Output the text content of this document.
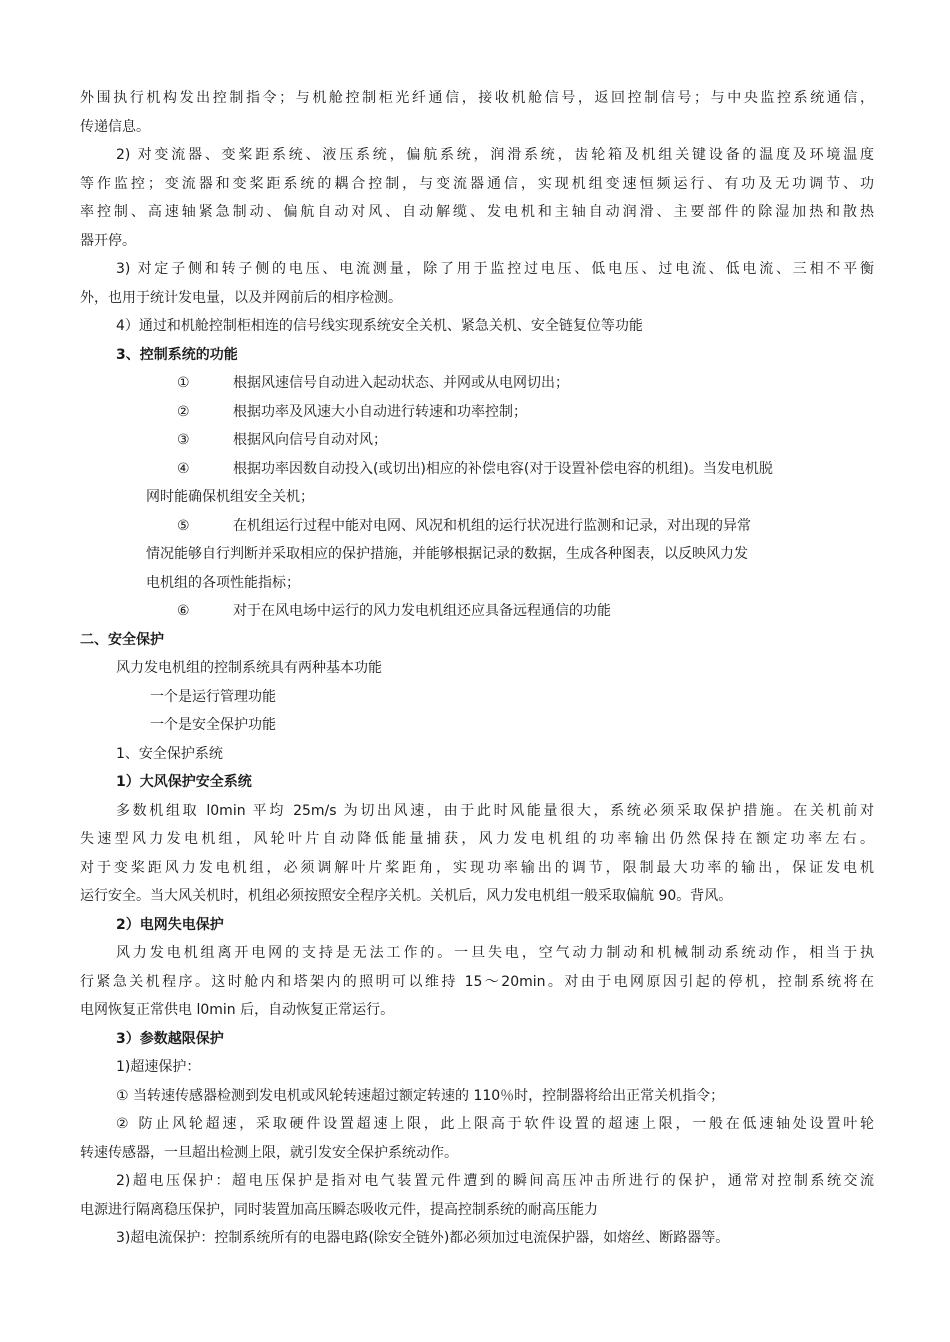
外围执行机构发出控制指令；与机舱控制柜光纤通信，接收机舱信号，返回控制信号；与中央监控系统通信，
传递信息。
2) 对变流器、变桨距系统、液压系统，偏航系统，润滑系统，齿轮箱及机组关键设备的温度及环境温度
等作监控；变流器和变桨距系统的耦合控制，与变流器通信，实现机组变速恒频运行、有功及无功调节、功
率控制、高速轴紧急制动、偏航自动对风、自动解缆、发电机和主轴自动润滑、主要部件的除湿加热和散热
器开停。
3) 对定子侧和转子侧的电压、电流测量，除了用于监控过电压、低电压、过电流、低电流、三相不平衡
外，也用于统计发电量，以及并网前后的相序检测。
4）通过和机舱控制柜相连的信号线实现系统安全关机、紧急关机、安全链复位等功能
3、控制系统的功能
①	根据风速信号自动进入起动状态、并网或从电网切出；
②	根据功率及风速大小自动进行转速和功率控制；
③	根据风向信号自动对风；
④	根据功率因数自动投入(或切出)相应的补偿电容(对于设置补偿电容的机组)。当发电机脱
网时能确保机组安全关机；
⑤	在机组运行过程中能对电网、风况和机组的运行状况进行监测和记录，对出现的异常
情况能够自行判断并采取相应的保护措施，并能够根据记录的数据，生成各种图表，以反映风力发
电机组的各项性能指标；
⑥	对于在风电场中运行的风力发电机组还应具备远程通信的功能
二、安全保护
风力发电机组的控制系统具有两种基本功能
一个是运行管理功能
一个是安全保护功能
1、安全保护系统
1）大风保护安全系统
多数机组取 l0min 平均 25m/s 为切出风速，由于此时风能量很大，系统必须采取保护措施。在关机前对
失速型风力发电机组，风轮叶片自动降低能量捕获，风力发电机组的功率输出仍然保持在额定功率左右。
对于变桨距风力发电机组，必须调解叶片桨距角，实现功率输出的调节，限制最大功率的输出，保证发电机
运行安全。当大风关机时，机组必须按照安全程序关机。关机后，风力发电机组一般采取偏航 90。背风。
2）电网失电保护
风力发电机组离开电网的支持是无法工作的。一旦失电，空气动力制动和机械制动系统动作，相当于执
行紧急关机程序。这时舱内和塔架内的照明可以维持 15～20min。对由于电网原因引起的停机，控制系统将在
电网恢复正常供电 l0min 后，自动恢复正常运行。
3）参数越限保护
1)超速保护：
① 当转速传感器检测到发电机或风轮转速超过额定转速的 110％时，控制器将给出正常关机指令；
② 防止风轮超速，采取硬件设置超速上限，此上限高于软件设置的超速上限，一般在低速轴处设置叶轮
转速传感器，一旦超出检测上限，就引发安全保护系统动作。
2)超电压保护：超电压保护是指对电气装置元件遭到的瞬间高压冲击所进行的保护，通常对控制系统交流
电源进行隔离稳压保护，同时装置加高压瞬态吸收元件，提高控制系统的耐高压能力
3)超电流保护：控制系统所有的电器电路(除安全链外)都必须加过电流保护器，如熔丝、断路器等。
